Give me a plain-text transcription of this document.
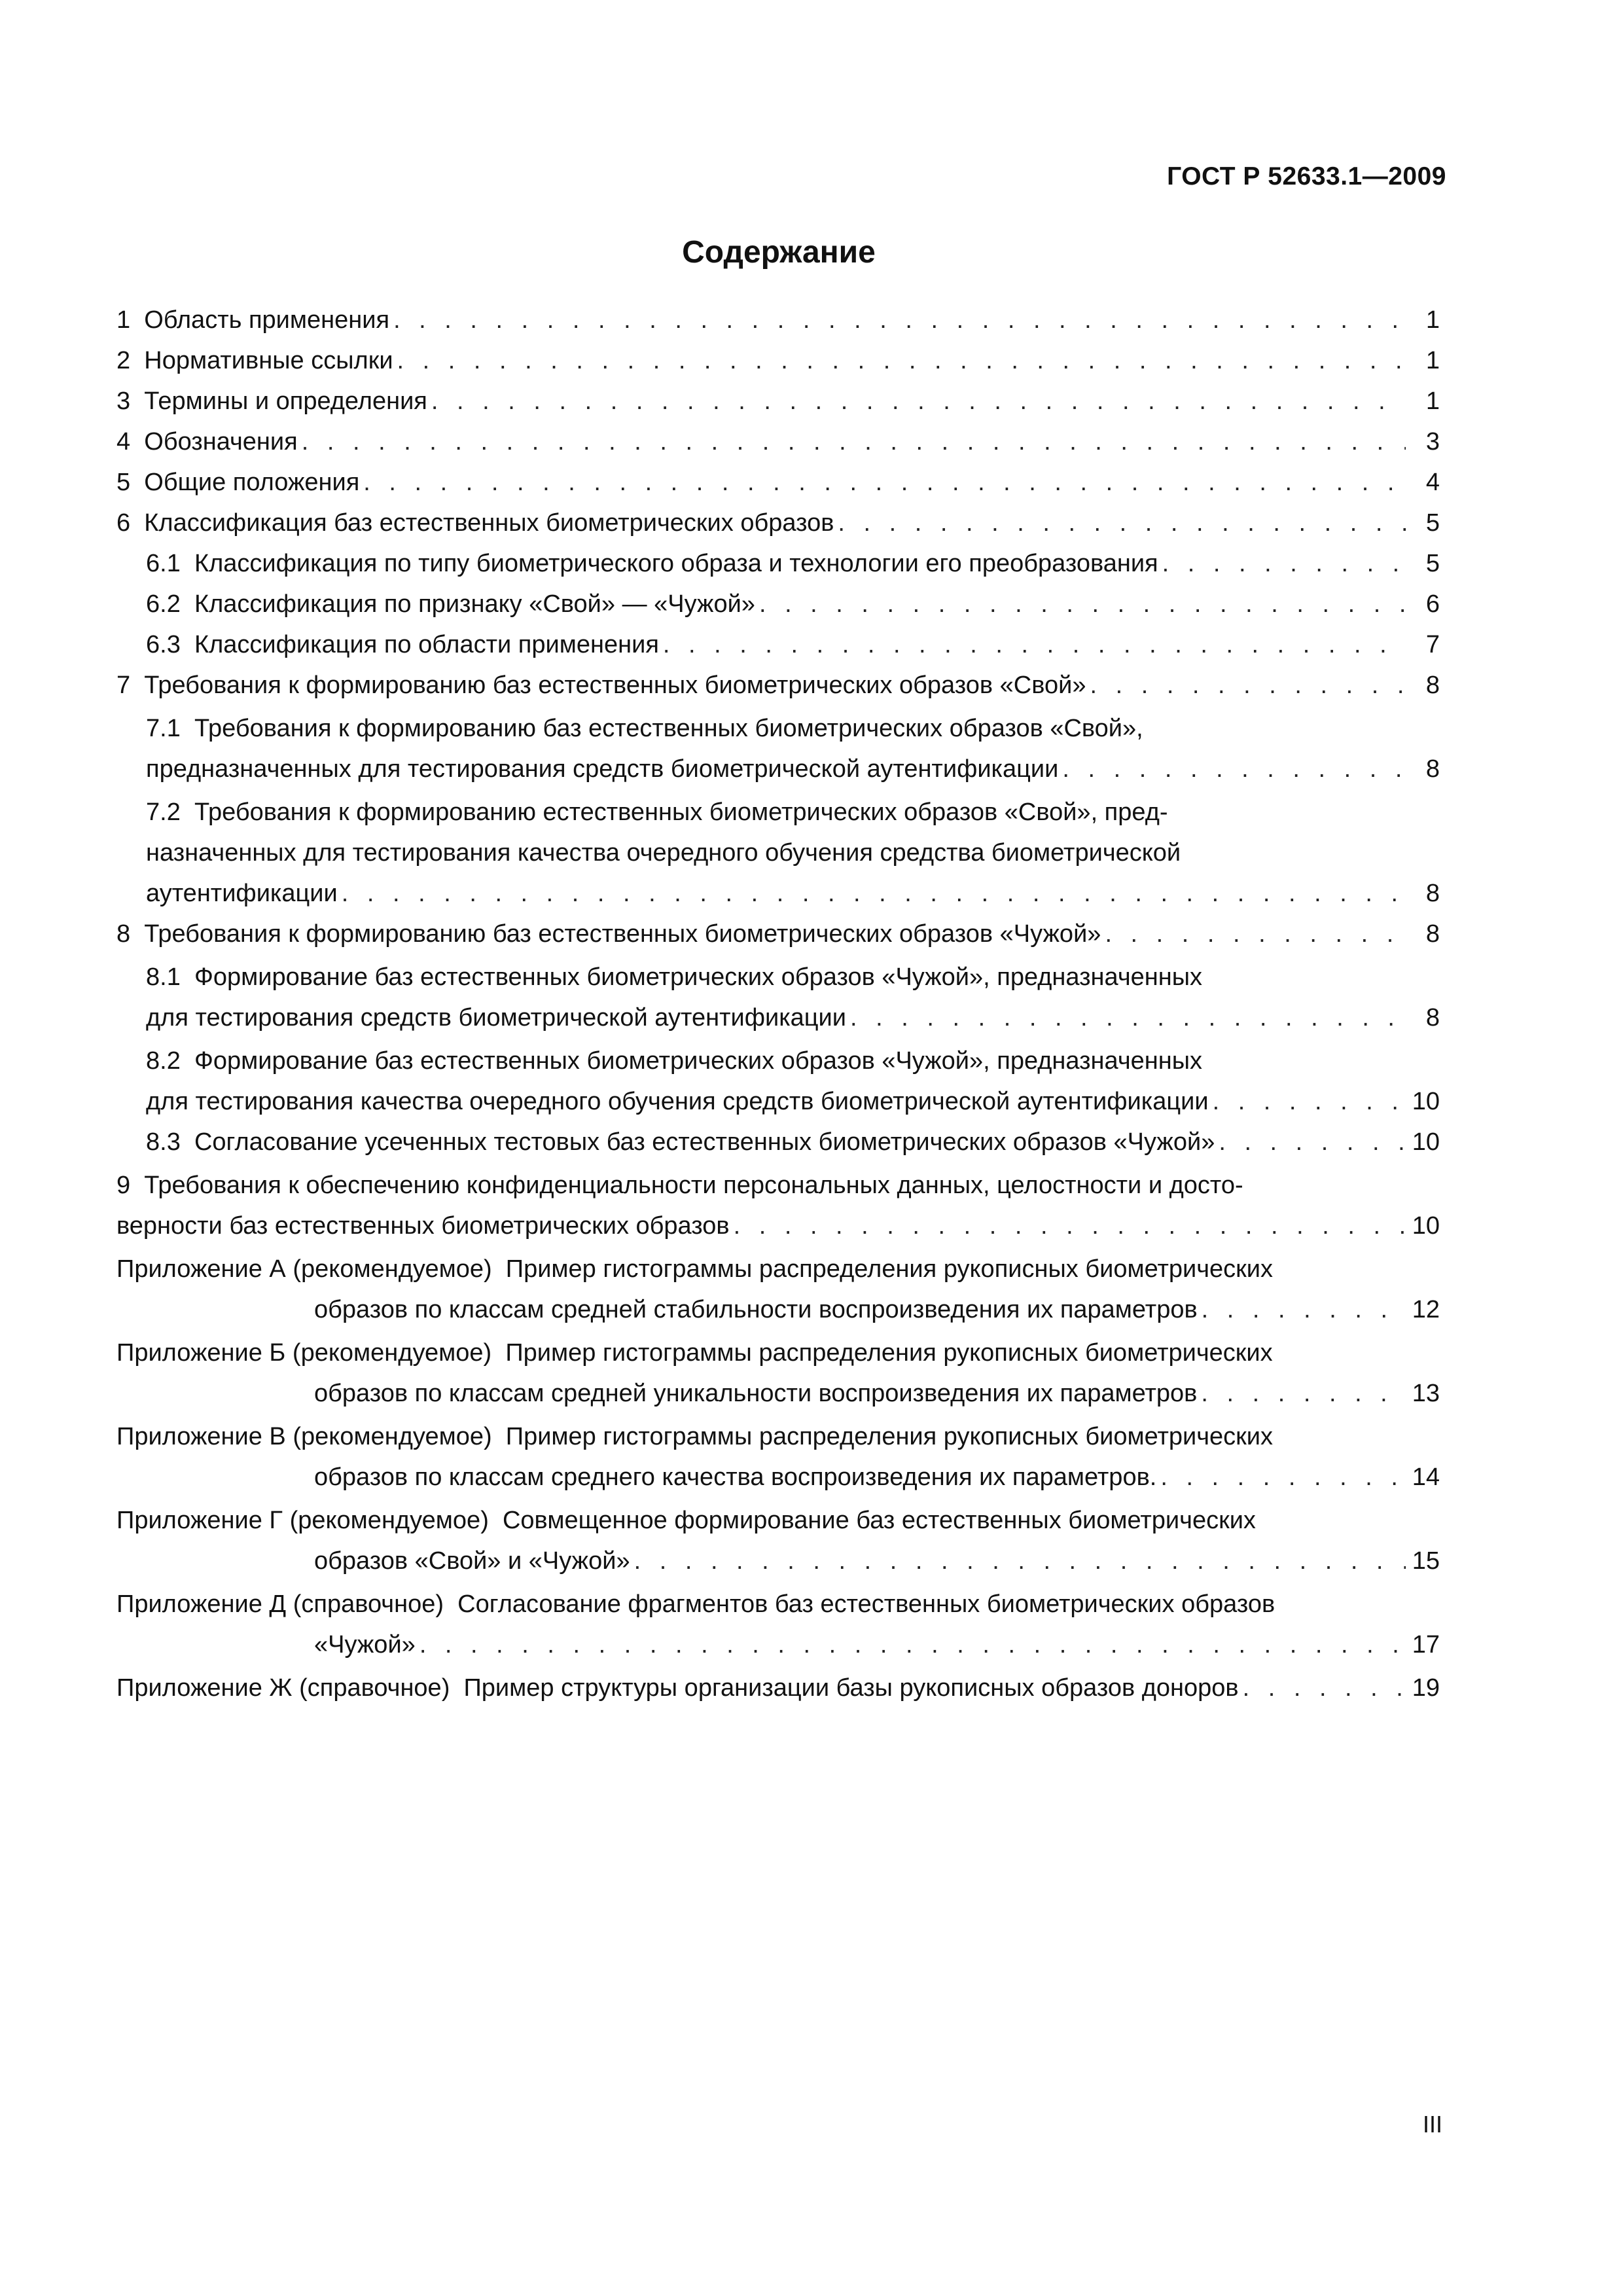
ГОСТ Р 52633.1—2009
Содержание
1
Область применения . . .	1
2
Нормативные ссылки . . .	1
3
Термины и определения . . .	1
4
Обозначения . . .	3
5
Общие положения . . .	4
6
Классификация баз естественных биометрических образов . . .	5
6.1
Классификация по типу биометрического образа и технологии его преобразования . . .	5
6.2
Классификация по признаку «Свой» — «Чужой» . . .	6
6.3
Классификация по области применения . . .	7
7
Требования к формированию баз естественных биометрических образов «Свой» . . .	8
7.1 Требования к формированию баз естественных биометрических образов «Свой»,
предназначенных для тестирования средств биометрической аутентификации . . .	8
7.2 Требования к формированию естественных биометрических образов «Свой», пред-
назначенных для тестирования качества очередного обучения средства биометрической
аутентификации . . .	8
8
Требования к формированию баз естественных биометрических образов «Чужой» . . .	8
8.1 Формирование баз естественных биометрических образов «Чужой», предназначенных
для тестирования средств биометрической аутентификации . . .	8
8.2 Формирование баз естественных биометрических образов «Чужой», предназначенных
для тестирования качества очередного обучения средств биометрической аутентификации . . .	10
8.3
Согласование усеченных тестовых баз естественных биометрических образов «Чужой» . . .	10
9 Требования к обеспечению конфиденциальности персональных данных, целостности и досто-
верности баз естественных биометрических образов . . .	10
Приложение А (рекомендуемое) Пример гистограммы распределения рукописных биометрических
образов по классам средней стабильности воспроизведения их параметров . . .	12
Приложение Б (рекомендуемое) Пример гистограммы распределения рукописных биометрических
образов по классам средней уникальности воспроизведения их параметров . . .	13
Приложение В (рекомендуемое) Пример гистограммы распределения рукописных биометрических
образов по классам среднего качества воспроизведения их параметров. . . .	14
Приложение Г (рекомендуемое) Совмещенное формирование баз естественных биометрических
образов «Свой» и «Чужой» . . .	15
Приложение Д (справочное) Согласование фрагментов баз естественных биометрических образов
«Чужой» . . .	17
Приложение Ж (справочное)
Пример структуры организации базы рукописных образов доноров . . .	19
III
